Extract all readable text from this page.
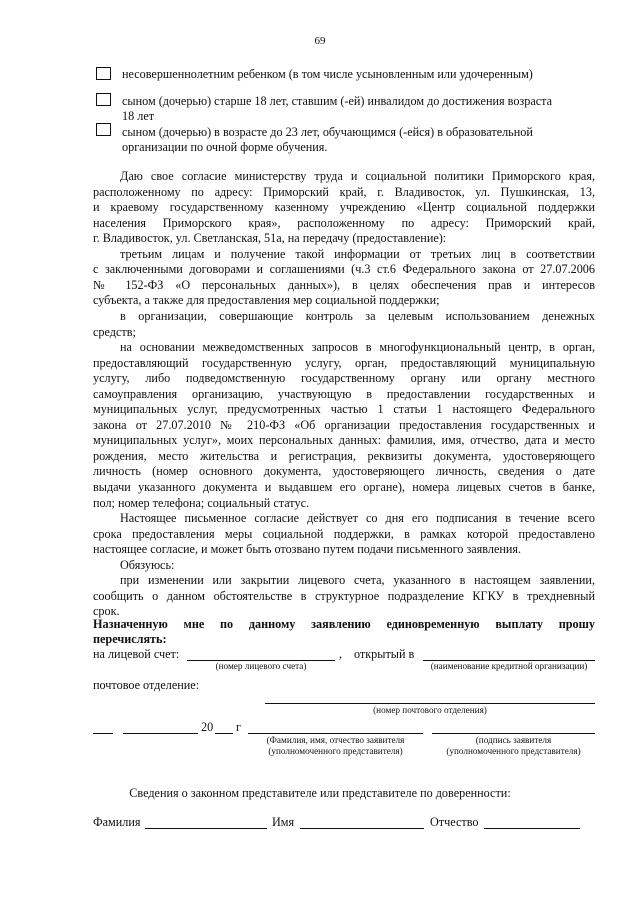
69
несовершеннолетним ребенком (в том числе усыновленным или удочеренным)
сыном (дочерью) старше 18 лет, ставшим (-ей) инвалидом до достижения возраста
18 лет
сыном (дочерью) в возрасте до 23 лет, обучающимся (-ейся) в образовательной
организации по очной форме обучения.
Даю свое согласие министерству труда и социальной политики Приморского края,
расположенному по адресу: Приморский край, г. Владивосток, ул. Пушкинская, 13,
и краевому государственному казенному учреждению «Центр социальной поддержки
населения Приморского края», расположенному по адресу: Приморский край,
г. Владивосток, ул. Светланская, 51а, на передачу (предоставление):
третьим лицам и получение такой информации от третьих лиц в соответствии
с заключенными договорами и соглашениями (ч.3 ст.6 Федерального закона от 27.07.2006
№ 152-ФЗ «О персональных данных»), в целях обеспечения прав и интересов
субъекта, а также для предоставления мер социальной поддержки;
в организации, совершающие контроль за целевым использованием денежных
средств;
на основании межведомственных запросов в многофункциональный центр, в орган,
предоставляющий государственную услугу, орган, предоставляющий муниципальную
услугу, либо подведомственную государственному органу или органу местного
самоуправления организацию, участвующую в предоставлении государственных и
муниципальных услуг, предусмотренных частью 1 статьи 1 настоящего Федерального
закона от 27.07.2010 № 210-ФЗ «Об организации предоставления государственных и
муниципальных услуг», моих персональных данных: фамилия, имя, отчество, дата и место
рождения, место жительства и регистрация, реквизиты документа, удостоверяющего
личность (номер основного документа, удостоверяющего личность, сведения о дате
выдачи указанного документа и выдавшем его органе), номера лицевых счетов в банке,
пол; номер телефона; социальный статус.
Настоящее письменное согласие действует со дня его подписания в течение всего
срока предоставления меры социальной поддержки, в рамках которой предоставлено
настоящее согласие, и может быть отозвано путем подачи письменного заявления.
Обязуюсь:
при изменении или закрытии лицевого счета, указанного в настоящем заявлении,
сообщить о данном обстоятельстве в структурное подразделение КГКУ в трехдневный
срок.
Назначенную мне по данному заявлению единовременную выплату прошу
перечислять:
на лицевой счет:	, открытый в
(номер лицевого счета)	(наименование кредитной организации)
почтовое отделение:
(номер почтового отделения)
20 г
(Фамилия, имя, отчество заявителя
(уполномоченного представителя)
(подпись заявителя
(уполномоченного представителя)
Сведения о законном представителе или представителе по доверенности:
Фамилия	Имя	Отчество
